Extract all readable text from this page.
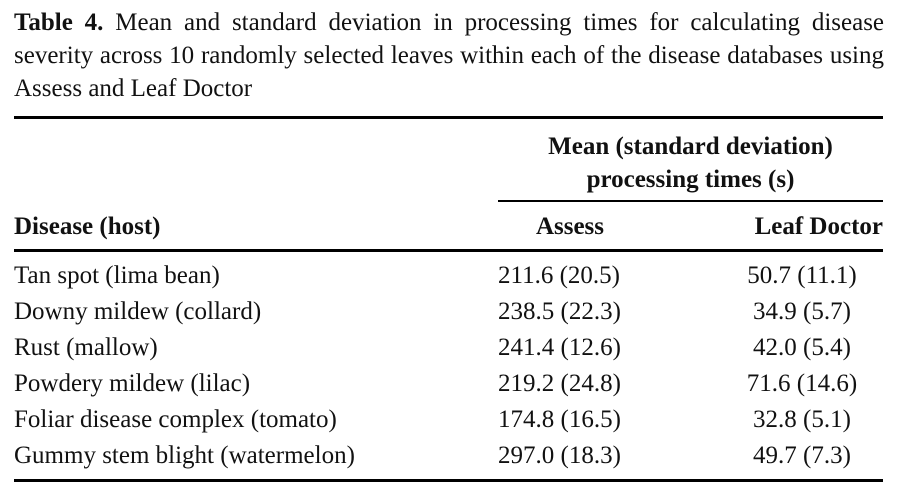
Table 4. Mean and standard deviation in processing times for calculating disease severity across 10 randomly selected leaves within each of the disease databases using Assess and Leaf Doctor
Mean (standard deviation) processing times (s)
Disease (host)	Assess	Leaf Doctor
Tan spot (lima bean)	211.6 (20.5)	50.7 (11.1)
Downy mildew (collard)	238.5 (22.3)	34.9 (5.7)
Rust (mallow)	241.4 (12.6)	42.0 (5.4)
Powdery mildew (lilac)	219.2 (24.8)	71.6 (14.6)
Foliar disease complex (tomato)	174.8 (16.5)	32.8 (5.1)
Gummy stem blight (watermelon)	297.0 (18.3)	49.7 (7.3)
